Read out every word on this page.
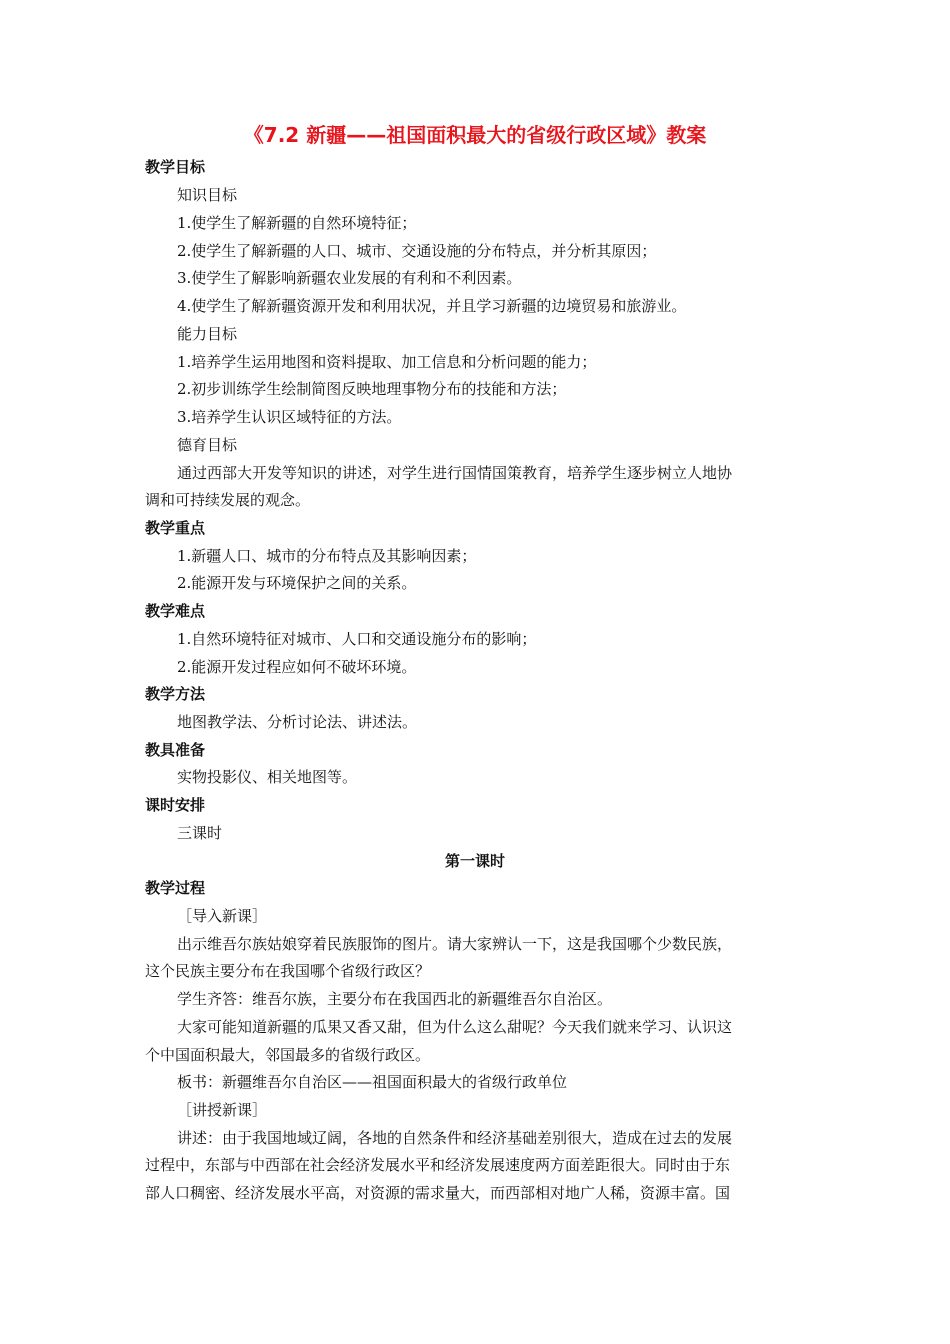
《7.2 新疆——祖国面积最大的省级行政区域》教案
教学目标
知识目标
1.使学生了解新疆的自然环境特征；
2.使学生了解新疆的人口、城市、交通设施的分布特点，并分析其原因；
3.使学生了解影响新疆农业发展的有利和不利因素。
4.使学生了解新疆资源开发和利用状况，并且学习新疆的边境贸易和旅游业。
能力目标
1.培养学生运用地图和资料提取、加工信息和分析问题的能力；
2.初步训练学生绘制简图反映地理事物分布的技能和方法；
3.培养学生认识区域特征的方法。
德育目标
通过西部大开发等知识的讲述，对学生进行国情国策教育，培养学生逐步树立人地协
调和可持续发展的观念。
教学重点
1.新疆人口、城市的分布特点及其影响因素；
2.能源开发与环境保护之间的关系。
教学难点
1.自然环境特征对城市、人口和交通设施分布的影响；
2.能源开发过程应如何不破坏环境。
教学方法
地图教学法、分析讨论法、讲述法。
教具准备
实物投影仪、相关地图等。
课时安排
三课时
第一课时
教学过程
［导入新课］
出示维吾尔族姑娘穿着民族服饰的图片。请大家辨认一下，这是我国哪个少数民族，
这个民族主要分布在我国哪个省级行政区？
学生齐答：维吾尔族，主要分布在我国西北的新疆维吾尔自治区。
大家可能知道新疆的瓜果又香又甜，但为什么这么甜呢？今天我们就来学习、认识这
个中国面积最大，邻国最多的省级行政区。
板书：新疆维吾尔自治区——祖国面积最大的省级行政单位
［讲授新课］
讲述：由于我国地域辽阔，各地的自然条件和经济基础差别很大，造成在过去的发展
过程中，东部与中西部在社会经济发展水平和经济发展速度两方面差距很大。同时由于东
部人口稠密、经济发展水平高，对资源的需求量大，而西部相对地广人稀，资源丰富。国
